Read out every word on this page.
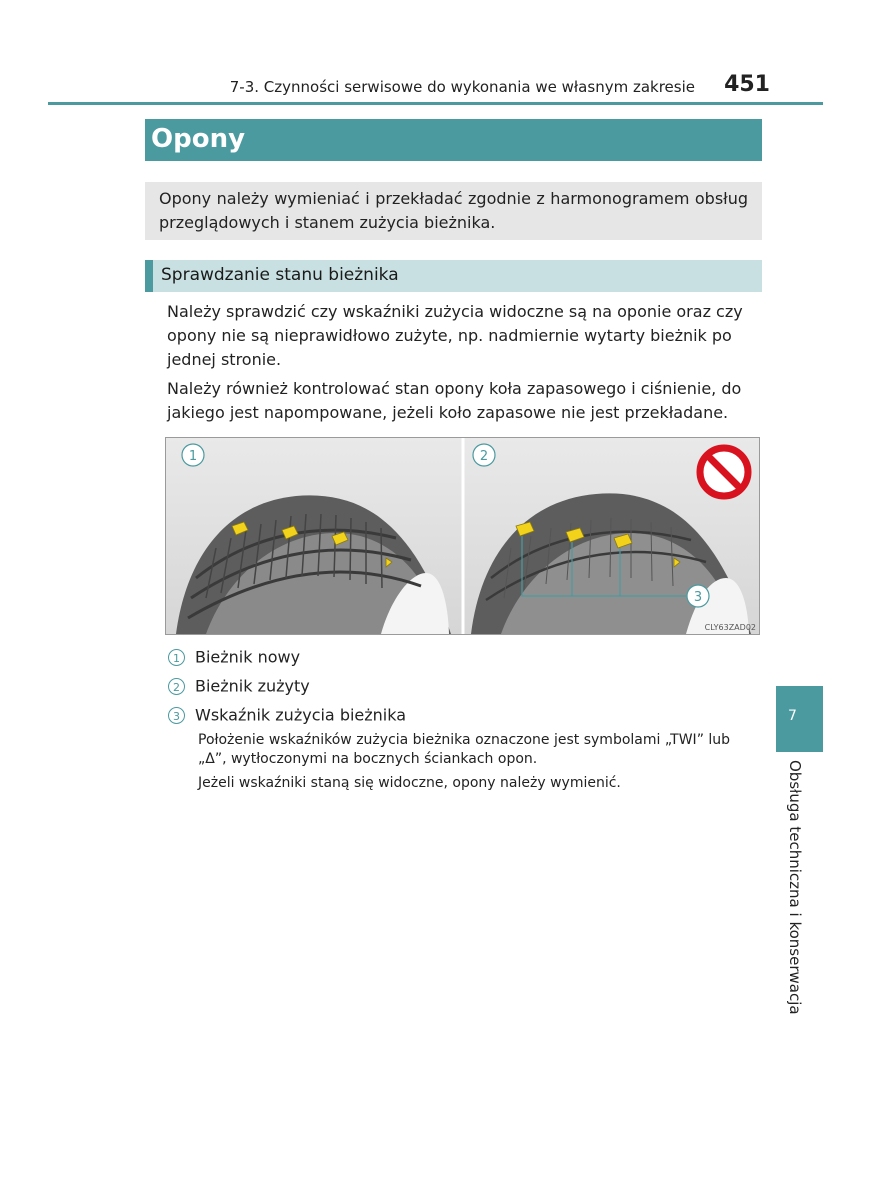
7-3. Czynności serwisowe do wykonania we własnym zakresie 451
Opony

Opony należy wymieniać i przekładać zgodnie z harmonogramem obsług przeglądowych i stanem zużycia bieżnika.

Sprawdzanie stanu bieżnika

Należy sprawdzić czy wskaźniki zużycia widoczne są na oponie oraz czy opony nie są nieprawidłowo zużyte, np. nadmiernie wytarty bieżnik po jednej stronie.

Należy również kontrolować stan opony koła zapasowego i ciśnienie, do jakiego jest napompowane, jeżeli koło zapasowe nie jest przekładane.

1	2
3
CLY63ZAD02
1 Bieżnik nowy
2 Bieżnik zużyty
3 Wskaźnik zużycia bieżnika

Położenie wskaźników zużycia bieżnika oznaczone jest symbolami „TWI” lub „Δ”, wytłoczonymi na bocznych ściankach opon.

Jeżeli wskaźniki staną się widoczne, opony należy wymienić.

7
Obsługa techniczna i konserwacja
